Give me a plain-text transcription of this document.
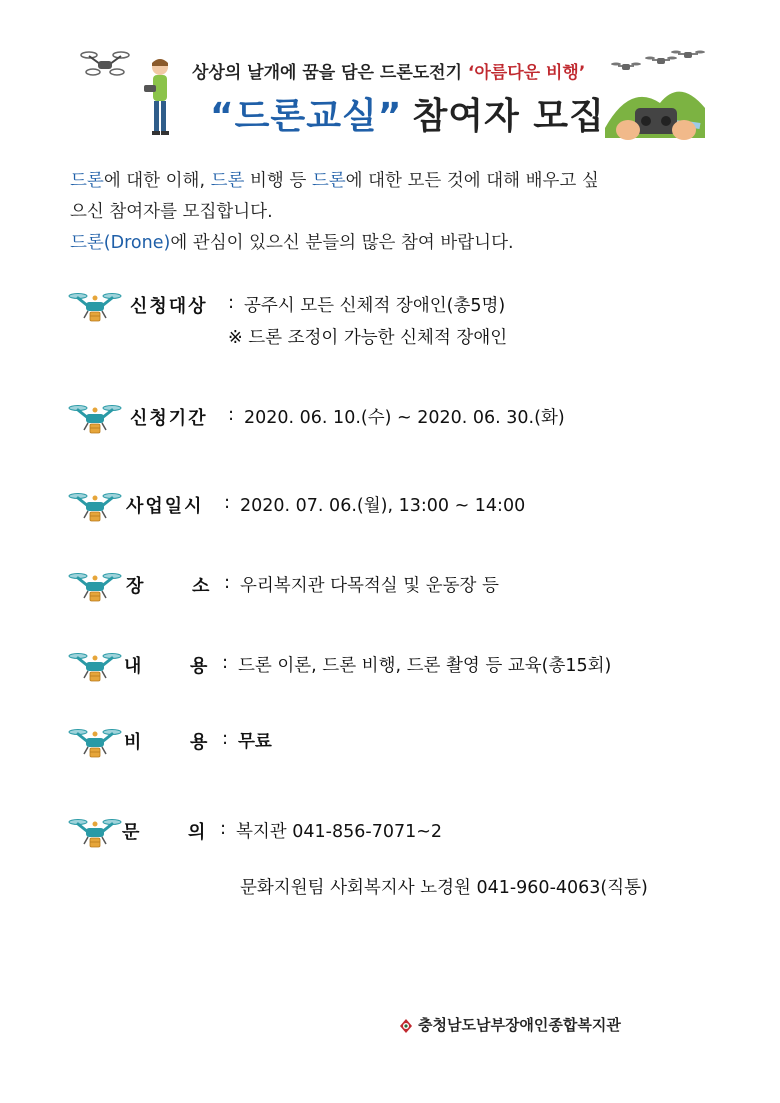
상상의 날개에 꿈을 담은 드론도전기 ‘아름다운 비행’
“드론교실” 참여자 모집

드론에 대한 이해, 드론 비행 등 드론에 대한 모든 것에 대해 배우고 싶

으신 참여자를 모집합니다.

드론(Drone)에 관심이 있으신 분들의 많은 참여 바랍니다.

신청대상 : 공주시 모든 신체적 장애인(총5명)
※ 드론 조정이 가능한 신체적 장애인
신청기간 : 2020. 06. 10.(수) ~ 2020. 06. 30.(화)
사업일시 : 2020. 07. 06.(월), 13:00 ~ 14:00
장	소 : 우리복지관 다목적실 및 운동장 등
내	용 : 드론 이론, 드론 비행, 드론 촬영 등 교육(총15회)
비	용 : 무료
문	의 : 복지관 041-856-7071~2
문화지원팀 사회복지사 노경원 041-960-4063(직통)
충청남도남부장애인종합복지관
